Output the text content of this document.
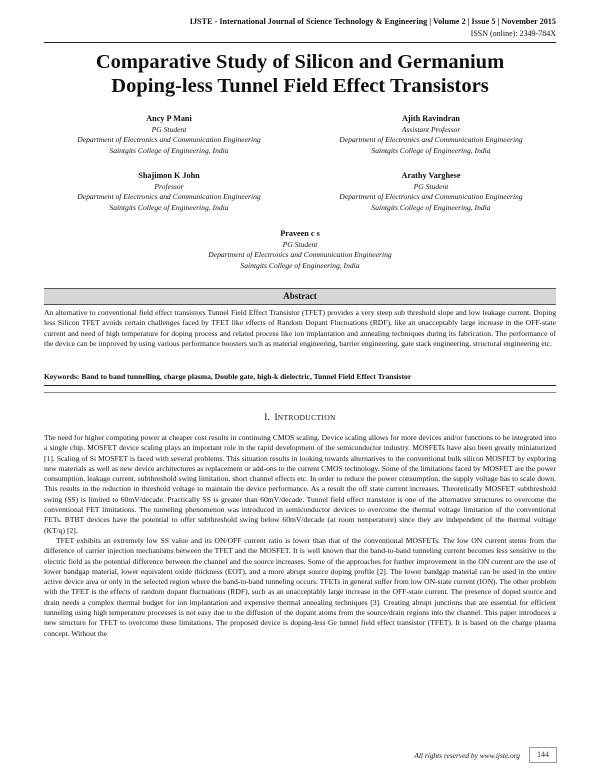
IJSTE - International Journal of Science Technology & Engineering | Volume 2 | Issue 5 | November 2015
ISSN (online): 2349-784X
Comparative Study of Silicon and Germanium
Doping-less Tunnel Field Effect Transistors
Ancy P Mani
PG Student
Department of Electronics and Communication Engineering
Saintgits College of Engineering, India
Ajith Ravindran
Assistant Professor
Department of Electronics and Communication Engineering
Saintgits College of Engineering, India
Shajimon K John
Professor
Department of Electronics and Communication Engineering
Saintgits College of Engineering, India
Arathy Varghese
PG Student
Department of Electronics and Communication Engineering
Saintgits College of Engineering, India
Praveen c s
PG Student
Department of Electronics and Communication Engineering
Saintgits College of Engineering, India
Abstract
An alternative to conventional field effect transistors Tunnel Field Effect Transistor (TFET) provides a very steep sub threshold slope and low leakage current. Doping less Silicon TFET avoids certain challenges faced by TFET like effects of Random Dopant Fluctuations (RDF), like an unacceptably large increase in the OFF-state current and need of high temperature for doping process and related process like ion implantation and annealing techniques during its fabrication. The performance of the device can be improved by using various performance boosters such as material engineering, barrier engineering, gate stack engineering, structural engineering etc.
Keywords: Band to band tunnelling, charge plasma, Double gate, high-k dielectric, Tunnel Field Effect Transistor
I. INTRODUCTION

The need for higher computing power at cheaper cost results in continuing CMOS scaling. Device scaling allows for more devices and/or functions to be integrated into a single chip. MOSFET device scaling plays an important role in the rapid development of the semiconductor industry. MOSFETs have also been greatly miniaturized [1]. Scaling of Si MOSFET is faced with several problems. This situation results in looking towards alternatives to the conventional bulk silicon MOSFET by exploring new materials as well as new device architectures as replacement or add-ons to the current CMOS technology. Some of the limitations faced by MOSFET are the power consumption, leakage current, subthreshold swing limitation, short channel effects etc. In order to reduce the power consumption, the supply voltage has to scale down. This results in the reduction in threshold voltage to maintain the device performance. As a result the off state current increases. Theoretically MOSFET subthreshold swing (SS) is limited to 60mV/decade. Practically SS is greater than 60mV/decade. Tunnel field effect transistor is one of the alternative structures to overcome the conventional FET limitations. The tunneling phenomenon was introduced in semiconductor devices to overcome the thermal voltage limitation of the conventional FETs. BTBT devices have the potential to offer subthreshold swing below 60mV/decade (at room temperature) since they are independent of the thermal voltage (KT/q) [2].

TFET exhibits an extremely low SS value and its ON/OFF current ratio is lower than that of the conventional MOSFETs. The low ON current stems from the difference of carrier injection mechanisms between the TFET and the MOSFET. It is well known that the band-to-band tunneling current becomes less sensitive to the electric field as the potential difference between the channel and the source increases. Some of the approaches for further improvement in the ON current are the use of lower bandgap material, lower equivalent oxide thickness (EOT), and a more abrupt source doping profile [2]. The lower bandgap material can be used in the entire active device area or only in the selected region where the band-to-band tunneling occurs. TFETs in general suffer from low ON-state current (ION). The other problem with the TFET is the effects of random dopant fluctuations (RDF), such as an unacceptably large increase in the OFF-state current. The presence of doped source and drain needs a complex thermal budget for ion implantation and expensive thermal annealing techniques [3]. Creating abrupt junctions that are essential for efficient tunneling using high temperature processes is not easy due to the diffusion of the dopant atoms from the source/drain regions into the channel. This paper introduces a new structure for TFET to overcome these limitations. The proposed device is doping-less Ge tunnel field effect transistor (TFET). It is based on the charge plasma concept. Without the

All rights reserved by www.ijste.org	144
